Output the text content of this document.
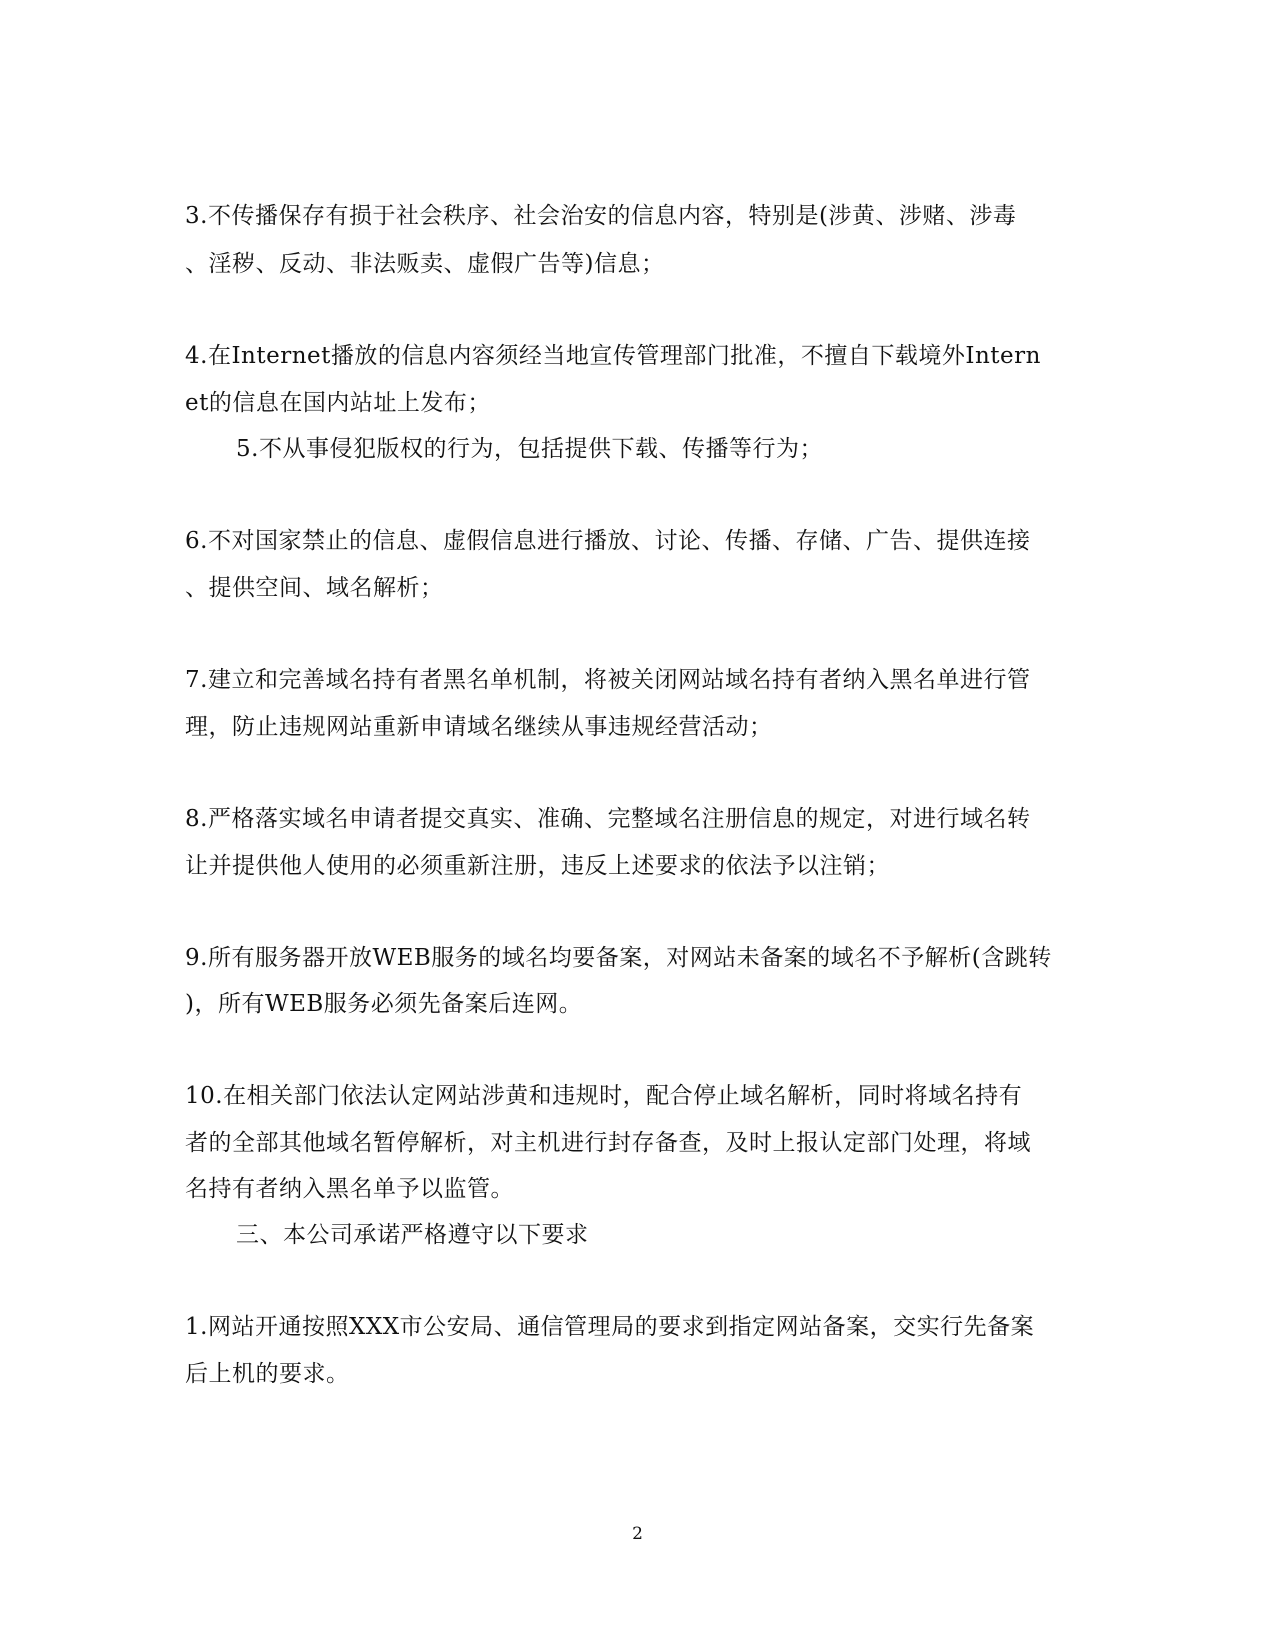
3.不传播保存有损于社会秩序、社会治安的信息内容，特别是(涉黄、涉赌、涉毒
、淫秽、反动、非法贩卖、虚假广告等)信息；
4.在Internet播放的信息内容须经当地宣传管理部门批准，不擅自下载境外Intern
et的信息在国内站址上发布；
5.不从事侵犯版权的行为，包括提供下载、传播等行为；
6.不对国家禁止的信息、虚假信息进行播放、讨论、传播、存储、广告、提供连接
、提供空间、域名解析；
7.建立和完善域名持有者黑名单机制，将被关闭网站域名持有者纳入黑名单进行管
理，防止违规网站重新申请域名继续从事违规经营活动；
8.严格落实域名申请者提交真实、准确、完整域名注册信息的规定，对进行域名转
让并提供他人使用的必须重新注册，违反上述要求的依法予以注销；
9.所有服务器开放WEB服务的域名均要备案，对网站未备案的域名不予解析(含跳转
)，所有WEB服务必须先备案后连网。
10.在相关部门依法认定网站涉黄和违规时，配合停止域名解析，同时将域名持有
者的全部其他域名暂停解析，对主机进行封存备查，及时上报认定部门处理，将域
名持有者纳入黑名单予以监管。
三、本公司承诺严格遵守以下要求
1.网站开通按照XXX市公安局、通信管理局的要求到指定网站备案，交实行先备案
后上机的要求。
2
